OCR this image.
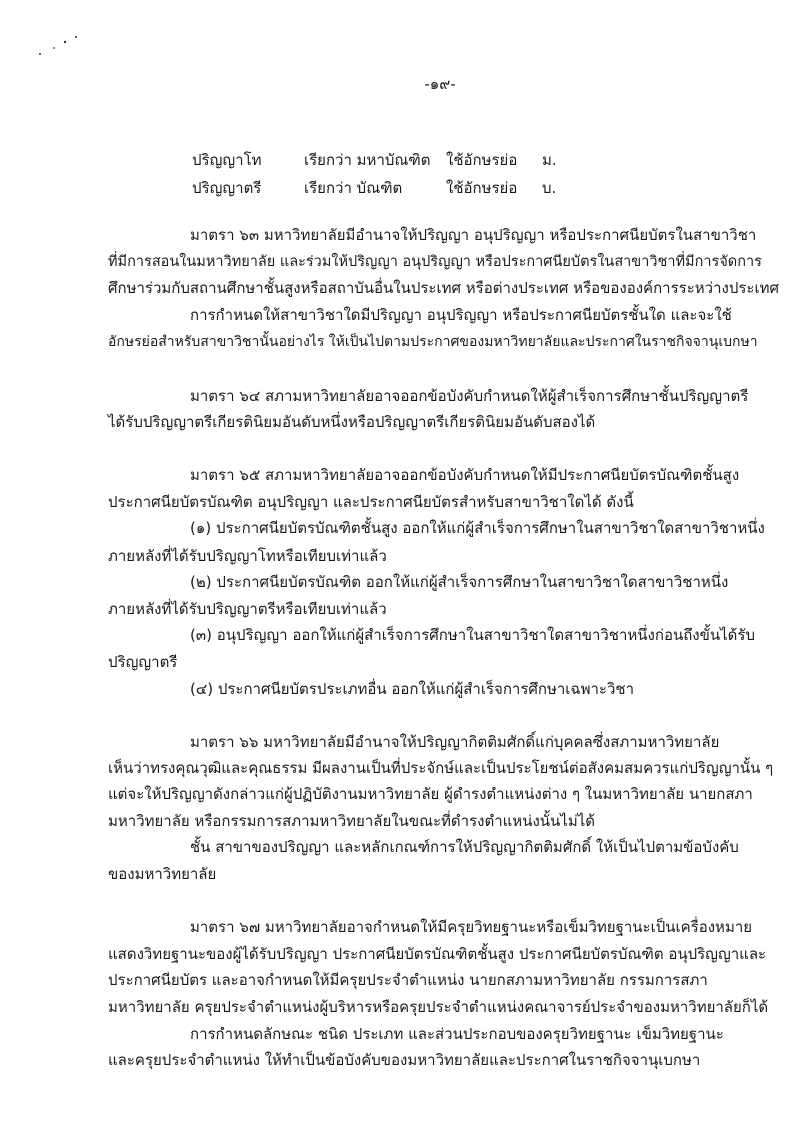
-๑๙-
ปริญญาโท	เรียกว่า มหาบัณฑิต ใช้อักษรย่อ ม.
ปริญญาตรี	เรียกว่า บัณฑิต	ใช้อักษรย่อ บ.
มาตรา ๖๓ มหาวิทยาลัยมีอำนาจให้ปริญญา อนุปริญญา หรือประกาศนียบัตรในสาขาวิชา
ที่มีการสอนในมหาวิทยาลัย และร่วมให้ปริญญา อนุปริญญา หรือประกาศนียบัตรในสาขาวิชาที่มีการจัดการ
ศึกษาร่วมกับสถานศึกษาชั้นสูงหรือสถาบันอื่นในประเทศ หรือต่างประเทศ หรือขององค์การระหว่างประเทศ
การกำหนดให้สาขาวิชาใดมีปริญญา อนุปริญญา หรือประกาศนียบัตรชั้นใด และจะใช้
อักษรย่อสำหรับสาขาวิชานั้นอย่างไร ให้เป็นไปตามประกาศของมหาวิทยาลัยและประกาศในราชกิจจานุเบกษา
มาตรา ๖๔ สภามหาวิทยาลัยอาจออกข้อบังคับกำหนดให้ผู้สำเร็จการศึกษาชั้นปริญญาตรี
ได้รับปริญญาตรีเกียรตินิยมอันดับหนึ่งหรือปริญญาตรีเกียรตินิยมอันดับสองได้
มาตรา ๖๕ สภามหาวิทยาลัยอาจออกข้อบังคับกำหนดให้มีประกาศนียบัตรบัณฑิตชั้นสูง
ประกาศนียบัตรบัณฑิต อนุปริญญา และประกาศนียบัตรสำหรับสาขาวิชาใดได้ ดังนี้
(๑) ประกาศนียบัตรบัณฑิตชั้นสูง ออกให้แก่ผู้สำเร็จการศึกษาในสาขาวิชาใดสาขาวิชาหนึ่ง
ภายหลังที่ได้รับปริญญาโทหรือเทียบเท่าแล้ว
(๒) ประกาศนียบัตรบัณฑิต ออกให้แก่ผู้สำเร็จการศึกษาในสาขาวิชาใดสาขาวิชาหนึ่ง
ภายหลังที่ได้รับปริญญาตรีหรือเทียบเท่าแล้ว
(๓) อนุปริญญา ออกให้แก่ผู้สำเร็จการศึกษาในสาขาวิชาใดสาขาวิชาหนึ่งก่อนถึงขั้นได้รับ
ปริญญาตรี
(๔) ประกาศนียบัตรประเภทอื่น ออกให้แก่ผู้สำเร็จการศึกษาเฉพาะวิชา
มาตรา ๖๖ มหาวิทยาลัยมีอำนาจให้ปริญญากิตติมศักดิ์แก่บุคคลซึ่งสภามหาวิทยาลัย
เห็นว่าทรงคุณวุฒิและคุณธรรม มีผลงานเป็นที่ประจักษ์และเป็นประโยชน์ต่อสังคมสมควรแก่ปริญญานั้น ๆ
แต่จะให้ปริญญาดังกล่าวแก่ผู้ปฏิบัติงานมหาวิทยาลัย ผู้ดำรงตำแหน่งต่าง ๆ ในมหาวิทยาลัย นายกสภา
มหาวิทยาลัย หรือกรรมการสภามหาวิทยาลัยในขณะที่ดำรงตำแหน่งนั้นไม่ได้
ชั้น สาขาของปริญญา และหลักเกณฑ์การให้ปริญญากิตติมศักดิ์ ให้เป็นไปตามข้อบังคับ
ของมหาวิทยาลัย
มาตรา ๖๗ มหาวิทยาลัยอาจกำหนดให้มีครุยวิทยฐานะหรือเข็มวิทยฐานะเป็นเครื่องหมาย
แสดงวิทยฐานะของผู้ได้รับปริญญา ประกาศนียบัตรบัณฑิตชั้นสูง ประกาศนียบัตรบัณฑิต อนุปริญญาและ
ประกาศนียบัตร และอาจกำหนดให้มีครุยประจำตำแหน่ง นายกสภามหาวิทยาลัย กรรมการสภา
มหาวิทยาลัย ครุยประจำตำแหน่งผู้บริหารหรือครุยประจำตำแหน่งคณาจารย์ประจำของมหาวิทยาลัยก็ได้
การกำหนดลักษณะ ชนิด ประเภท และส่วนประกอบของครุยวิทยฐานะ เข็มวิทยฐานะ
และครุยประจำตำแหน่ง ให้ทำเป็นข้อบังคับของมหาวิทยาลัยและประกาศในราชกิจจานุเบกษา
